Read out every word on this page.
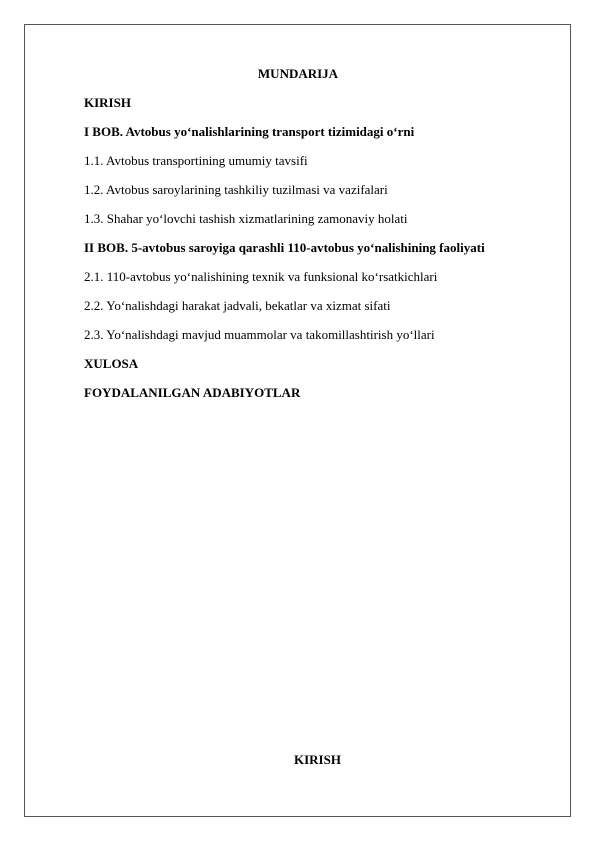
MUNDARIJA
KIRISH
I BOB. Avtobus yo‘nalishlarining transport tizimidagi o‘rni
1.1. Avtobus transportining umumiy tavsifi
1.2. Avtobus saroylarining tashkiliy tuzilmasi va vazifalari
1.3. Shahar yo‘lovchi tashish xizmatlarining zamonaviy holati
II BOB. 5-avtobus saroyiga qarashli 110-avtobus yo‘nalishining faoliyati
2.1. 110-avtobus yo‘nalishining texnik va funksional ko‘rsatkichlari
2.2. Yo‘nalishdagi harakat jadvali, bekatlar va xizmat sifati
2.3. Yo‘nalishdagi mavjud muammolar va takomillashtirish yo‘llari
XULOSA
FOYDALANILGAN ADABIYOTLAR
KIRISH
